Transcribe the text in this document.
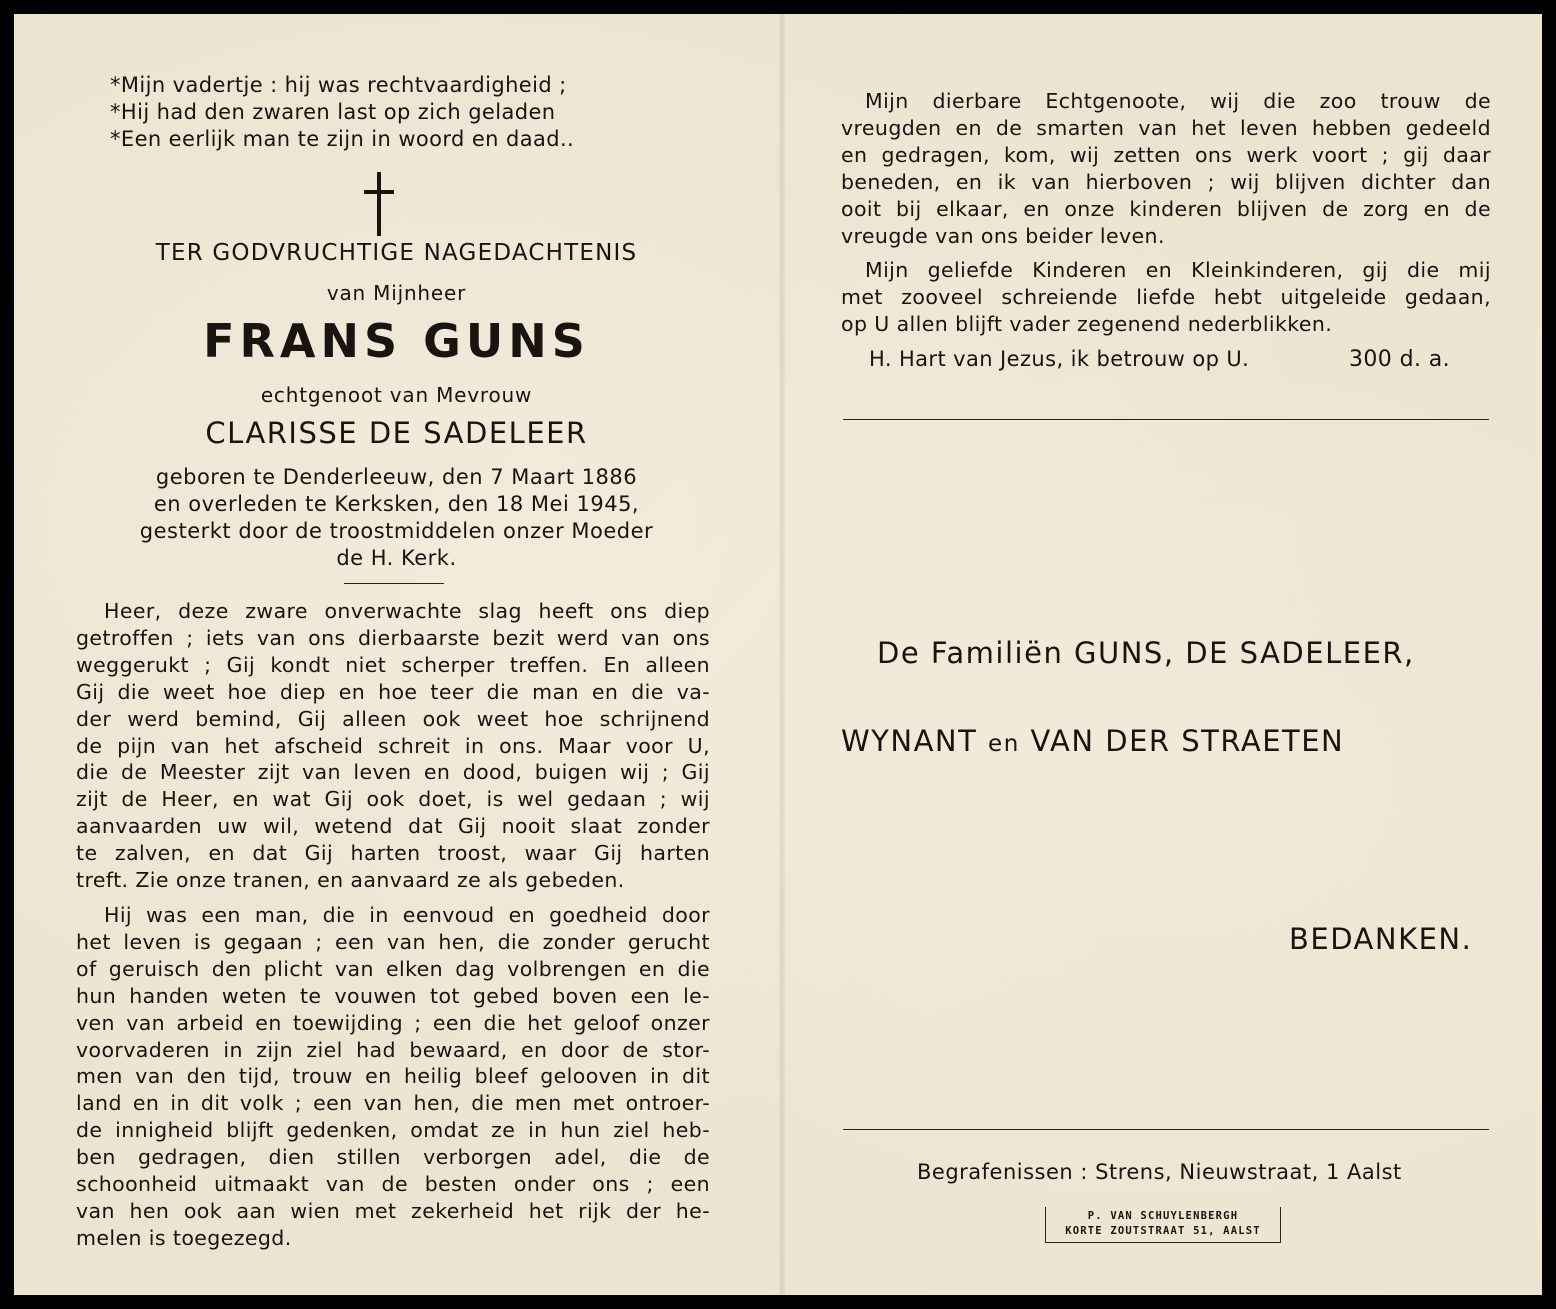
*Mijn vadertje : hij was rechtvaardigheid ;
*Hij had den zwaren last op zich geladen
*Een eerlijk man te zijn in woord en daad..
TER GODVRUCHTIGE NAGEDACHTENIS
van Mijnheer
FRANS GUNS
echtgenoot van Mevrouw
CLARISSE DE SADELEER
geboren te Denderleeuw, den 7 Maart 1886
en overleden te Kerksken, den 18 Mei 1945,
gesterkt door de troostmiddelen onzer Moeder
de H. Kerk.
Heer, deze zware onverwachte slag heeft ons diep
getroffen ; iets van ons dierbaarste bezit werd van ons
weggerukt ; Gij kondt niet scherper treffen. En alleen
Gij die weet hoe diep en hoe teer die man en die va-
der werd bemind, Gij alleen ook weet hoe schrijnend
de pijn van het afscheid schreit in ons. Maar voor U,
die de Meester zijt van leven en dood, buigen wij ; Gij
zijt de Heer, en wat Gij ook doet, is wel gedaan ; wij
aanvaarden uw wil, wetend dat Gij nooit slaat zonder
te zalven, en dat Gij harten troost, waar Gij harten
treft. Zie onze tranen, en aanvaard ze als gebeden.
Hij was een man, die in eenvoud en goedheid door
het leven is gegaan ; een van hen, die zonder gerucht
of geruisch den plicht van elken dag volbrengen en die
hun handen weten te vouwen tot gebed boven een le-
ven van arbeid en toewijding ; een die het geloof onzer
voorvaderen in zijn ziel had bewaard, en door de stor-
men van den tijd, trouw en heilig bleef gelooven in dit
land en in dit volk ; een van hen, die men met ontroer-
de innigheid blijft gedenken, omdat ze in hun ziel heb-
ben gedragen, dien stillen verborgen adel, die de
schoonheid uitmaakt van de besten onder ons ; een
van hen ook aan wien met zekerheid het rijk der he-
melen is toegezegd.
Mijn dierbare Echtgenoote, wij die zoo trouw de
vreugden en de smarten van het leven hebben gedeeld
en gedragen, kom, wij zetten ons werk voort ; gij daar
beneden, en ik van hierboven ; wij blijven dichter dan
ooit bij elkaar, en onze kinderen blijven de zorg en de
vreugde van ons beider leven.
Mijn geliefde Kinderen en Kleinkinderen, gij die mij
met zooveel schreiende liefde hebt uitgeleide gedaan,
op U allen blijft vader zegenend nederblikken.
H. Hart van Jezus, ik betrouw op U.	300 d. a.
De Familiën GUNS, DE SADELEER,
WYNANT en VAN DER STRAETEN
BEDANKEN.
Begrafenissen : Strens, Nieuwstraat, 1 Aalst
P. VAN SCHUYLENBERGH
KORTE ZOUTSTRAAT 51, AALST
